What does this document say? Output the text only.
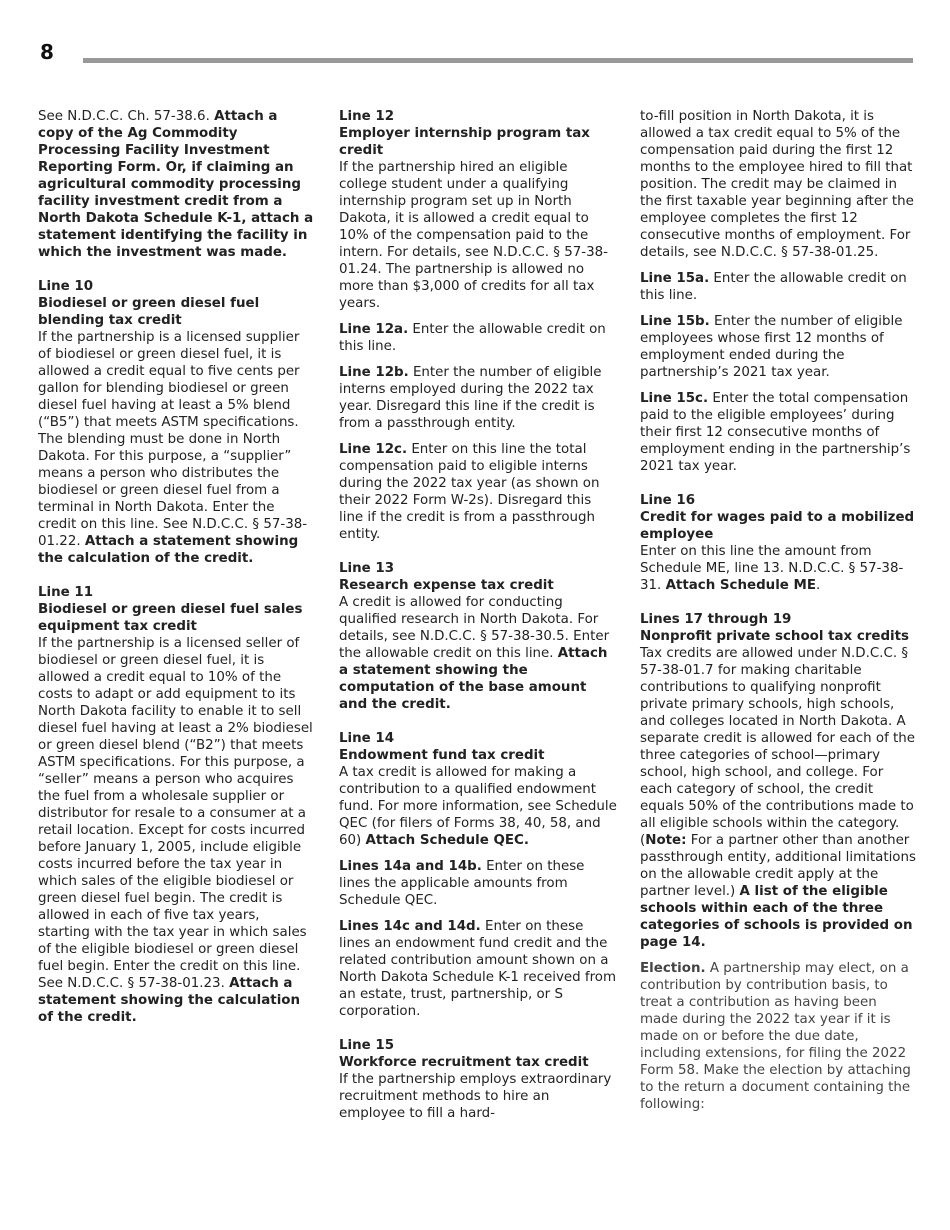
8

See N.D.C.C. Ch. 57-38.6. Attach a copy of the Ag Commodity Processing Facility Investment Reporting Form. Or, if claiming an agricultural commodity processing facility investment credit from a North Dakota Schedule K-1, attach a statement identifying the facility in which the investment was made.

Line 10
Biodiesel or green diesel fuel blending tax credit

If the partnership is a licensed supplier of biodiesel or green diesel fuel, it is allowed a credit equal to five cents per gallon for blending biodiesel or green diesel fuel having at least a 5% blend (“B5”) that meets ASTM specifications. The blending must be done in North Dakota. For this purpose, a “supplier” means a person who distributes the biodiesel or green diesel fuel from a terminal in North Dakota. Enter the credit on this line. See N.D.C.C. § 57-38-01.22. Attach a statement showing the calculation of the credit.

Line 11
Biodiesel or green diesel fuel sales equipment tax credit

If the partnership is a licensed seller of biodiesel or green diesel fuel, it is allowed a credit equal to 10% of the costs to adapt or add equipment to its North Dakota facility to enable it to sell diesel fuel having at least a 2% biodiesel or green diesel blend (“B2”) that meets ASTM specifications. For this purpose, a “seller” means a person who acquires the fuel from a wholesale supplier or distributor for resale to a consumer at a retail location. Except for costs incurred before January 1, 2005, include eligible costs incurred before the tax year in which sales of the eligible biodiesel or green diesel fuel begin. The credit is allowed in each of five tax years, starting with the tax year in which sales of the eligible biodiesel or green diesel fuel begin. Enter the credit on this line. See N.D.C.C. § 57-38-01.23. Attach a statement showing the calculation of the credit.

Line 12
Employer internship program tax credit

If the partnership hired an eligible college student under a qualifying internship program set up in North Dakota, it is allowed a credit equal to 10% of the compensation paid to the intern. For details, see N.D.C.C. § 57-38-01.24. The partnership is allowed no more than $3,000 of credits for all tax years.

Line 12a. Enter the allowable credit on this line.

Line 12b. Enter the number of eligible interns employed during the 2022 tax year. Disregard this line if the credit is from a passthrough entity.

Line 12c. Enter on this line the total compensation paid to eligible interns during the 2022 tax year (as shown on their 2022 Form W-2s). Disregard this line if the credit is from a passthrough entity.

Line 13
Research expense tax credit

A credit is allowed for conducting qualified research in North Dakota. For details, see N.D.C.C. § 57-38-30.5. Enter the allowable credit on this line. Attach a statement showing the computation of the base amount and the credit.

Line 14
Endowment fund tax credit

A tax credit is allowed for making a contribution to a qualified endowment fund. For more information, see Schedule QEC (for filers of Forms 38, 40, 58, and 60) Attach Schedule QEC.

Lines 14a and 14b. Enter on these lines the applicable amounts from Schedule QEC.

Lines 14c and 14d. Enter on these lines an endowment fund credit and the related contribution amount shown on a North Dakota Schedule K-1 received from an estate, trust, partnership, or S corporation.

Line 15
Workforce recruitment tax credit

If the partnership employs extraordinary recruitment methods to hire an employee to fill a hard-

to-fill position in North Dakota, it is allowed a tax credit equal to 5% of the compensation paid during the first 12 months to the employee hired to fill that position. The credit may be claimed in the first taxable year beginning after the employee completes the first 12 consecutive months of employment. For details, see N.D.C.C. § 57-38-01.25.

Line 15a. Enter the allowable credit on this line.

Line 15b. Enter the number of eligible employees whose first 12 months of employment ended during the partnership’s 2021 tax year.

Line 15c. Enter the total compensation paid to the eligible employees’ during their first 12 consecutive months of employment ending in the partnership’s 2021 tax year.

Line 16
Credit for wages paid to a mobilized employee

Enter on this line the amount from Schedule ME, line 13. N.D.C.C. § 57-38-31. Attach Schedule ME.

Lines 17 through 19
Nonprofit private school tax credits

Tax credits are allowed under N.D.C.C. § 57-38-01.7 for making charitable contributions to qualifying nonprofit private primary schools, high schools, and colleges located in North Dakota. A separate credit is allowed for each of the three categories of school—primary school, high school, and college. For each category of school, the credit equals 50% of the contributions made to all eligible schools within the category. (Note: For a partner other than another passthrough entity, additional limitations on the allowable credit apply at the partner level.) A list of the eligible schools within each of the three categories of schools is provided on page 14.

Election. A partnership may elect, on a contribution by contribution basis, to treat a contribution as having been made during the 2022 tax year if it is made on or before the due date, including extensions, for filing the 2022 Form 58. Make the election by attaching to the return a document containing the following:
